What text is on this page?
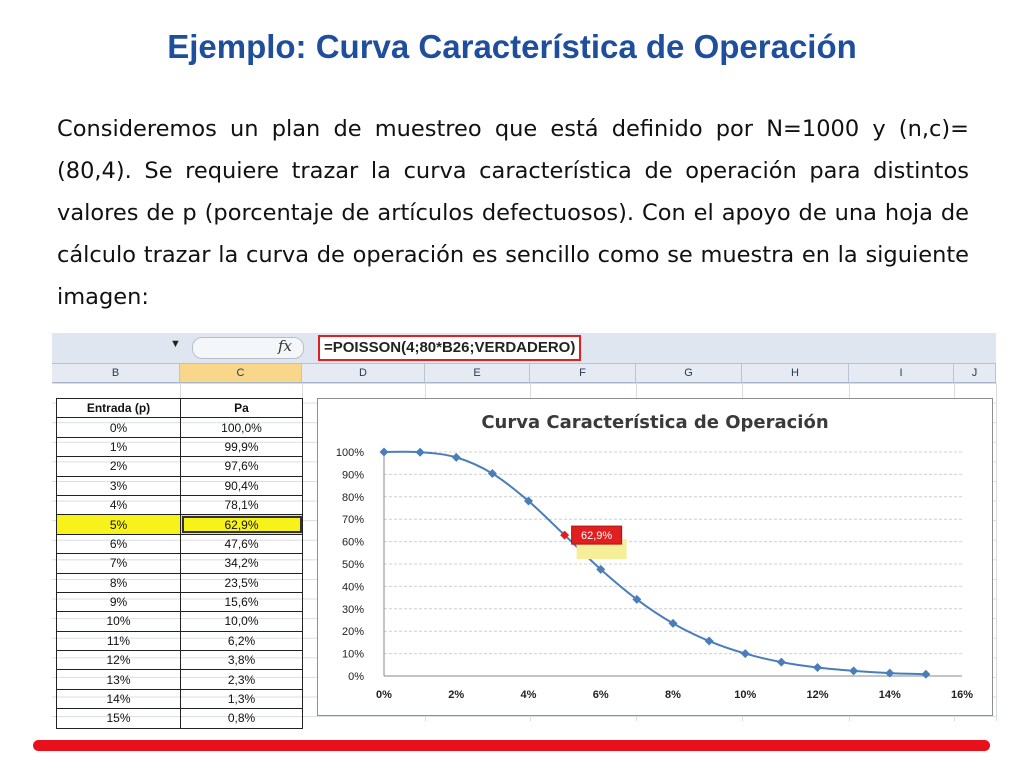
Ejemplo: Curva Característica de Operación

Consideremos un plan de muestreo que está definido por N=1000 y (n,c)=(80,4). Se requiere trazar la curva característica de operación para distintos valores de p (porcentaje de artículos defectuosos). Con el apoyo de una hoja de cálculo trazar la curva de operación es sencillo como se muestra en la siguiente imagen:

▼	fx	=POISSON(4;80*B26;VERDADERO)
B	C	D	E	F	G	H	I	J
Entrada (p)	Pa
0%	100,0%
1%	99,9%
2%	97,6%
3%	90,4%
4%	78,1%
5%	62,9%
6%	47,6%
7%	34,2%
8%	23,5%
9%	15,6%
10%	10,0%
11%	6,2%
12%	3,8%
13%	2,3%
14%	1,3%
15%	0,8%
Curva Característica de Operación
0%
10%
20%
30%
40%
50%
60%
70%
80%
90%
100%
0%	2%	4%	6%	8%	10%	12%	14%	16%
62,9%
